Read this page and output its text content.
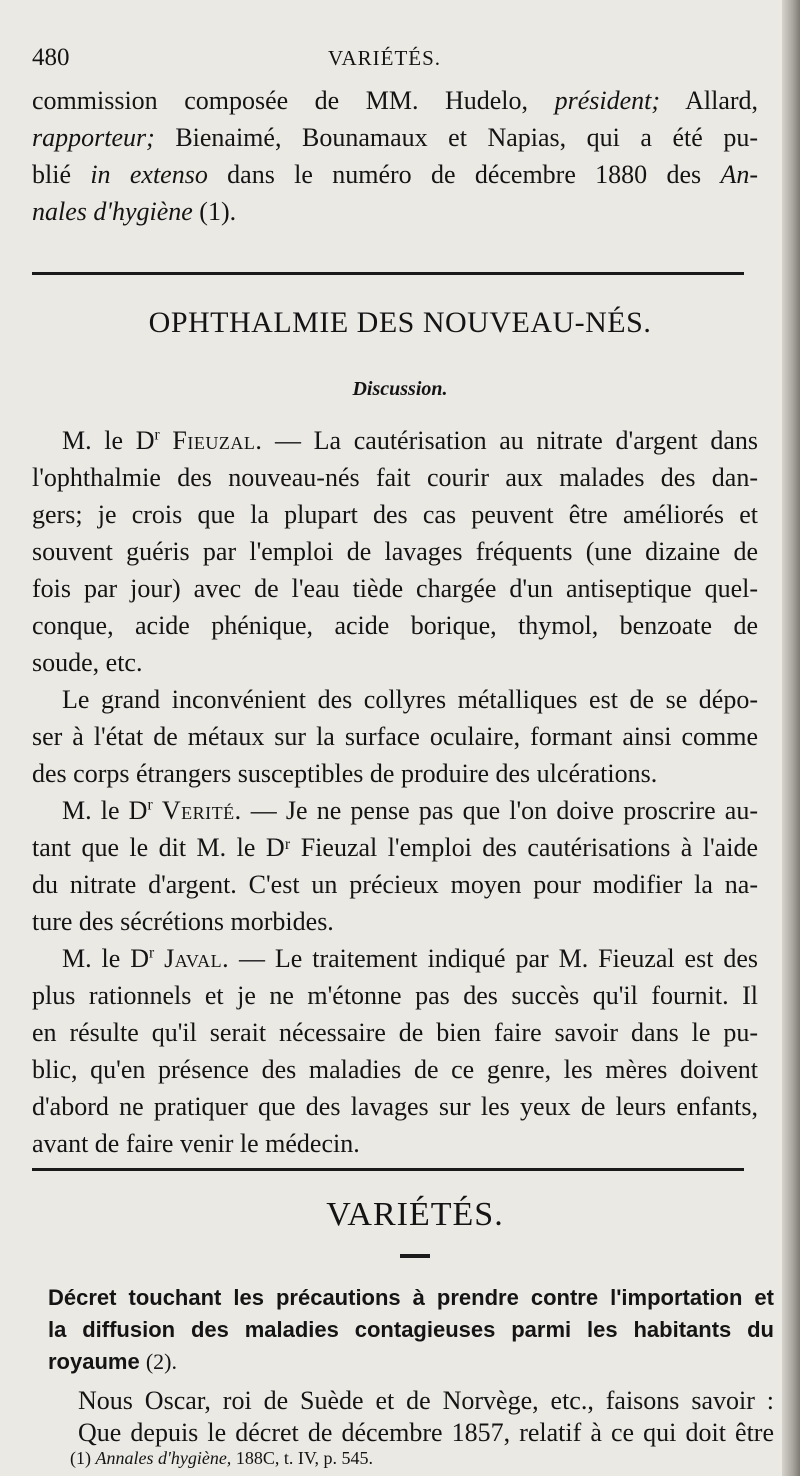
480	VARIÉTÉS.
commission composée de MM. Hudelo, président; Allard,
rapporteur; Bienaimé, Bounamaux et Napias, qui a été pu-
blié in extenso dans le numéro de décembre 1880 des An-
nales d'hygiène (1).
OPHTHALMIE DES NOUVEAU-NÉS.
Discussion.
M. le $D^r$ Fieuzal. — La cautérisation au nitrate d'argent dans
l'ophthalmie des nouveau-nés fait courir aux malades des dan-
gers; je crois que la plupart des cas peuvent être améliorés et
souvent guéris par l'emploi de lavages fréquents (une dizaine de
fois par jour) avec de l'eau tiède chargée d'un antiseptique quel-
conque, acide phénique, acide borique, thymol, benzoate de
soude, etc.
Le grand inconvénient des collyres métalliques est de se dépo-
ser à l'état de métaux sur la surface oculaire, formant ainsi comme
des corps étrangers susceptibles de produire des ulcérations.
M. le $D^r$ Verité. — Je ne pense pas que l'on doive proscrire au-
tant que le dit M. le Dʳ Fieuzal l'emploi des cautérisations à l'aide
du nitrate d'argent. C'est un précieux moyen pour modifier la na-
ture des sécrétions morbides.
M. le $D^r$ Javal. — Le traitement indiqué par M. Fieuzal est des
plus rationnels et je ne m'étonne pas des succès qu'il fournit. Il
en résulte qu'il serait nécessaire de bien faire savoir dans le pu-
blic, qu'en présence des maladies de ce genre, les mères doivent
d'abord ne pratiquer que des lavages sur les yeux de leurs enfants,
avant de faire venir le médecin.
VARIÉTÉS.
Décret touchant les précautions à prendre contre l'importation et
la diffusion des maladies contagieuses parmi les habitants du
royaume (2).
Nous Oscar, roi de Suède et de Norvège, etc., faisons savoir :
Que depuis le décret de décembre 1857, relatif à ce qui doit être
(1) Annales d'hygiène, 188C, t. IV, p. 545.
